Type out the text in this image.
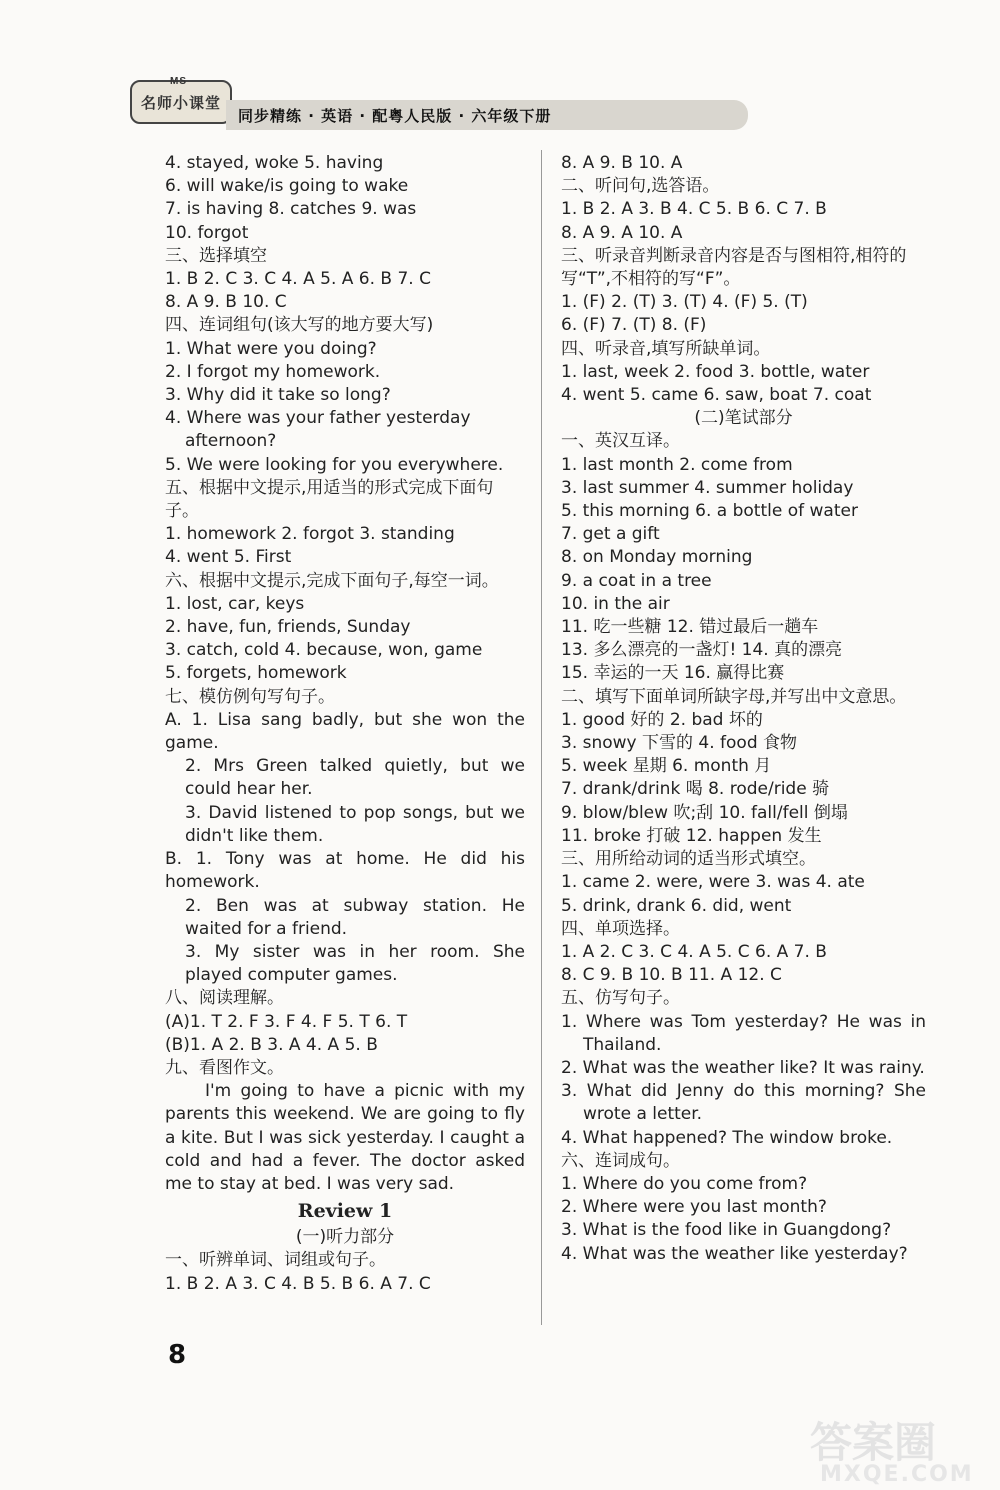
MS
名师小课堂
同步精练 · 英语 · 配粤人民版 · 六年级下册
4. stayed, woke 5. having
6. will wake/is going to wake
7. is having 8. catches 9. was
10. forgot
三、选择填空
1. B 2. C 3. C 4. A 5. A 6. B 7. C
8. A 9. B 10. C
四、连词组句(该大写的地方要大写)
1. What were you doing?
2. I forgot my homework.
3. Why did it take so long?
4. Where was your father yesterday
afternoon?
5. We were looking for you everywhere.
五、根据中文提示,用适当的形式完成下面句子。
1. homework 2. forgot 3. standing
4. went 5. First
六、根据中文提示,完成下面句子,每空一词。
1. lost, car, keys
2. have, fun, friends, Sunday
3. catch, cold 4. because, won, game
5. forgets, homework
七、模仿例句写句子。
A. 1. Lisa sang badly, but she won the game.
2. Mrs Green talked quietly, but we could hear her.
3. David listened to pop songs, but we didn't like them.
B. 1. Tony was at home. He did his homework.
2. Ben was at subway station. He waited for a friend.
3. My sister was in her room. She played computer games.
八、阅读理解。
(A)1. T 2. F 3. F 4. F 5. T 6. T
(B)1. A 2. B 3. A 4. A 5. B
九、看图作文。
I'm going to have a picnic with my parents this weekend. We are going to fly a kite. But I was sick yesterday. I caught a cold and had a fever. The doctor asked me to stay at bed. I was very sad.
Review 1
(一)听力部分
一、听辨单词、词组或句子。
1. B 2. A 3. C 4. B 5. B 6. A 7. C
8. A 9. B 10. A
二、听问句,选答语。
1. B 2. A 3. B 4. C 5. B 6. C 7. B
8. A 9. A 10. A
三、听录音判断录音内容是否与图相符,相符的写“T”,不相符的写“F”。
1. (F) 2. (T) 3. (T) 4. (F) 5. (T)
6. (F) 7. (T) 8. (F)
四、听录音,填写所缺单词。
1. last, week 2. food 3. bottle, water
4. went 5. came 6. saw, boat 7. coat
(二)笔试部分
一、英汉互译。
1. last month 2. come from
3. last summer 4. summer holiday
5. this morning 6. a bottle of water
7. get a gift
8. on Monday morning
9. a coat in a tree
10. in the air
11. 吃一些糖 12. 错过最后一趟车
13. 多么漂亮的一盏灯! 14. 真的漂亮
15. 幸运的一天 16. 赢得比赛
二、填写下面单词所缺字母,并写出中文意思。
1. good 好的 2. bad 坏的
3. snowy 下雪的 4. food 食物
5. week 星期 6. month 月
7. drank/drink 喝 8. rode/ride 骑
9. blow/blew 吹;刮 10. fall/fell 倒塌
11. broke 打破 12. happen 发生
三、用所给动词的适当形式填空。
1. came 2. were, were 3. was 4. ate
5. drink, drank 6. did, went
四、单项选择。
1. A 2. C 3. C 4. A 5. C 6. A 7. B
8. C 9. B 10. B 11. A 12. C
五、仿写句子。
1. Where was Tom yesterday? He was in Thailand.
2. What was the weather like? It was rainy.
3. What did Jenny do this morning? She wrote a letter.
4. What happened? The window broke.
六、连词成句。
1. Where do you come from?
2. Where were you last month?
3. What is the food like in Guangdong?
4. What was the weather like yesterday?
8
答案圈
MXQE.COM
